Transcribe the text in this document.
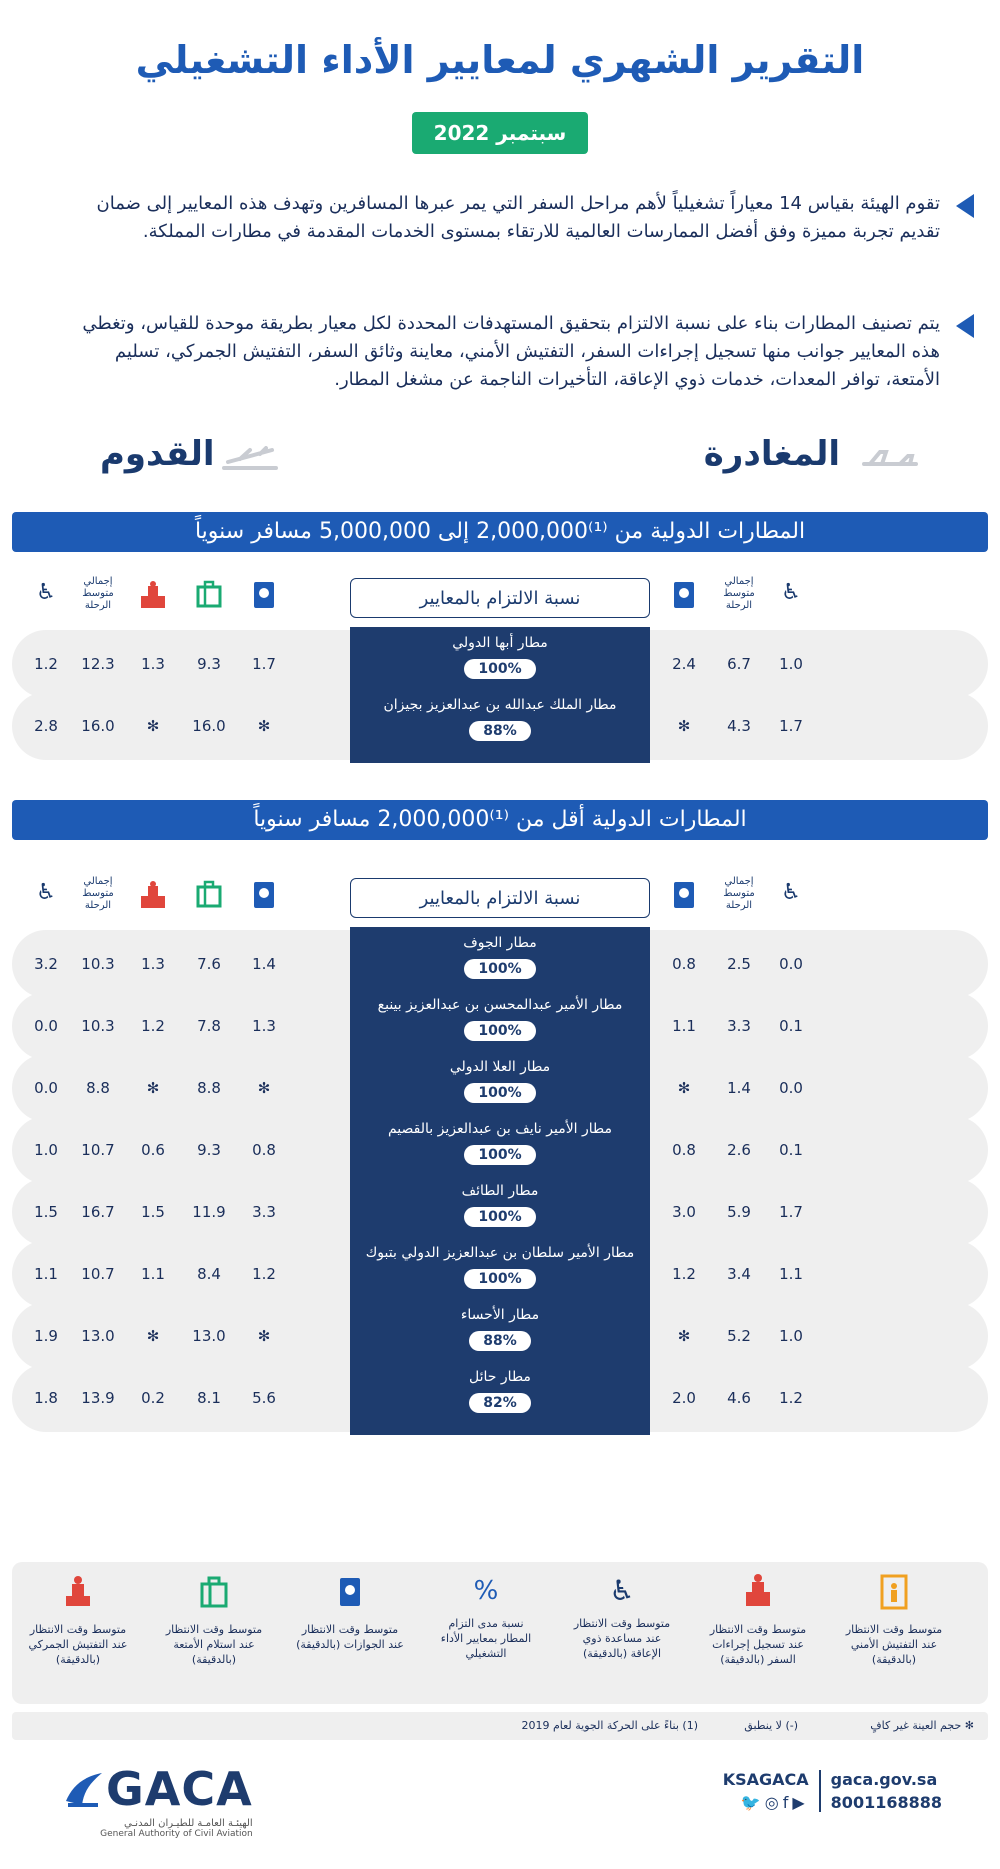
التقرير الشهري لمعايير الأداء التشغيلي
سبتمبر 2022
تقوم الهيئة بقياس 14 معياراً تشغيلياً لأهم مراحل السفر التي يمر عبرها المسافرين وتهدف هذه المعايير إلى ضمان تقديم تجربة مميزة وفق أفضل الممارسات العالمية للارتقاء بمستوى الخدمات المقدمة في مطارات المملكة.
يتم تصنيف المطارات بناء على نسبة الالتزام بتحقيق المستهدفات المحددة لكل معيار بطريقة موحدة للقياس، وتغطي هذه المعايير جوانب منها تسجيل إجراءات السفر، التفتيش الأمني، معاينة وثائق السفر، التفتيش الجمركي، تسليم الأمتعة، توافر المعدات، خدمات ذوي الإعاقة، التأخيرات الناجمة عن مشغل المطار.
المغادرة
القدوم
المطارات الدولية من ⁽¹⁾2,000,000 إلى 5,000,000 مسافر سنوياً
♿	إجمالي متوسط الرحلة
إجمالي متوسط الرحلة
♿
نسبة الالتزام بالمعايير
1.2	12.3	1.3	9.3	1.7	2.4	6.7	1.0
مطار أبها الدولي
100%
2.8	16.0	✻	16.0	✻	✻	4.3	1.7
مطار الملك عبدالله بن عبدالعزيز بجيزان
88%
المطارات الدولية أقل من ⁽¹⁾2,000,000 مسافر سنوياً
♿	إجمالي متوسط الرحلة
إجمالي متوسط الرحلة
♿
نسبة الالتزام بالمعايير
3.2	10.3	1.3	7.6	1.4	0.8	2.5	0.0
مطار الجوف
100%
0.0	10.3	1.2	7.8	1.3	1.1	3.3	0.1
مطار الأمير عبدالمحسن بن عبدالعزيز بينبع
100%
0.0	8.8	✻	8.8	✻	✻	1.4	0.0
مطار العلا الدولي
100%
1.0	10.7	0.6	9.3	0.8	0.8	2.6	0.1
مطار الأمير نايف بن عبدالعزيز بالقصيم
100%
1.5	16.7	1.5	11.9	3.3	3.0	5.9	1.7
مطار الطائف
100%
1.1	10.7	1.1	8.4	1.2	1.2	3.4	1.1
مطار الأمير سلطان بن عبدالعزيز الدولي بتبوك
100%
1.9	13.0	✻	13.0	✻	✻	5.2	1.0
مطار الأحساء
88%
1.8	13.9	0.2	8.1	5.6	2.0	4.6	1.2
مطار حائل
82%
متوسط وقت الانتظار عند التفتيش الجمركي (بالدقيقة)
متوسط وقت الانتظار عند استلام الأمتعة (بالدقيقة)
متوسط وقت الانتظار عند الجوازات (بالدقيقة)
%
نسبة مدى التزام المطار بمعايير الأداء التشغيلي
♿
متوسط وقت الانتظار عند مساعدة ذوي الإعاقة (بالدقيقة)
متوسط وقت الانتظار عند تسجيل إجراءات السفر (بالدقيقة)
متوسط وقت الانتظار عند التفتيش الأمني (بالدقيقة)
✻ حجم العينة غير كافٍ
(-) لا ينطبق
(1) بناءً على الحركة الجوية لعام 2019
GACA
الهيئـة العامـة للطيـران المدنـي
General Authority of Civil Aviation
KSAGACA
🐦◎f▶
gaca.gov.sa
8001168888
